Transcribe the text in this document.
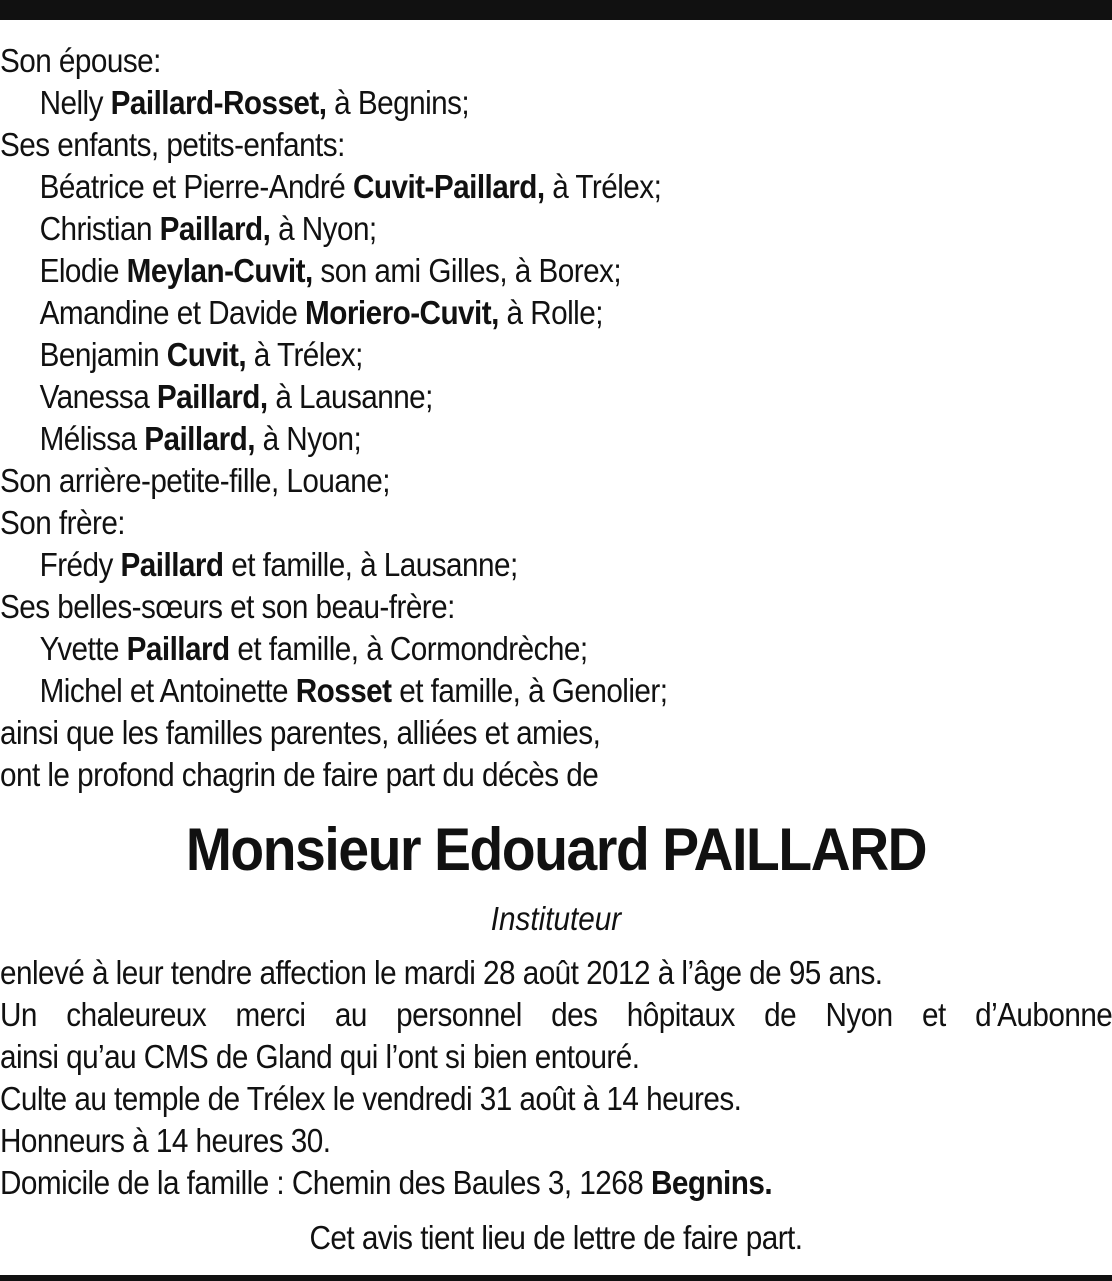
Son épouse:
Nelly Paillard-Rosset, à Begnins;
Ses enfants, petits-enfants:
Béatrice et Pierre-André Cuvit-Paillard, à Trélex;
Christian Paillard, à Nyon;
Elodie Meylan-Cuvit, son ami Gilles, à Borex;
Amandine et Davide Moriero-Cuvit, à Rolle;
Benjamin Cuvit, à Trélex;
Vanessa Paillard, à Lausanne;
Mélissa Paillard, à Nyon;
Son arrière-petite-fille, Louane;
Son frère:
Frédy Paillard et famille, à Lausanne;
Ses belles-sœurs et son beau-frère:
Yvette Paillard et famille, à Cormondrèche;
Michel et Antoinette Rosset et famille, à Genolier;
ainsi que les familles parentes, alliées et amies,
ont le profond chagrin de faire part du décès de
Monsieur Edouard PAILLARD
Instituteur
enlevé à leur tendre affection le mardi 28 août 2012 à l’âge de 95 ans.
Un chaleureux merci au personnel des hôpitaux de Nyon et d’Aubonne
ainsi qu’au CMS de Gland qui l’ont si bien entouré.
Culte au temple de Trélex le vendredi 31 août à 14 heures.
Honneurs à 14 heures 30.
Domicile de la famille : Chemin des Baules 3, 1268 Begnins.
Cet avis tient lieu de lettre de faire part.
